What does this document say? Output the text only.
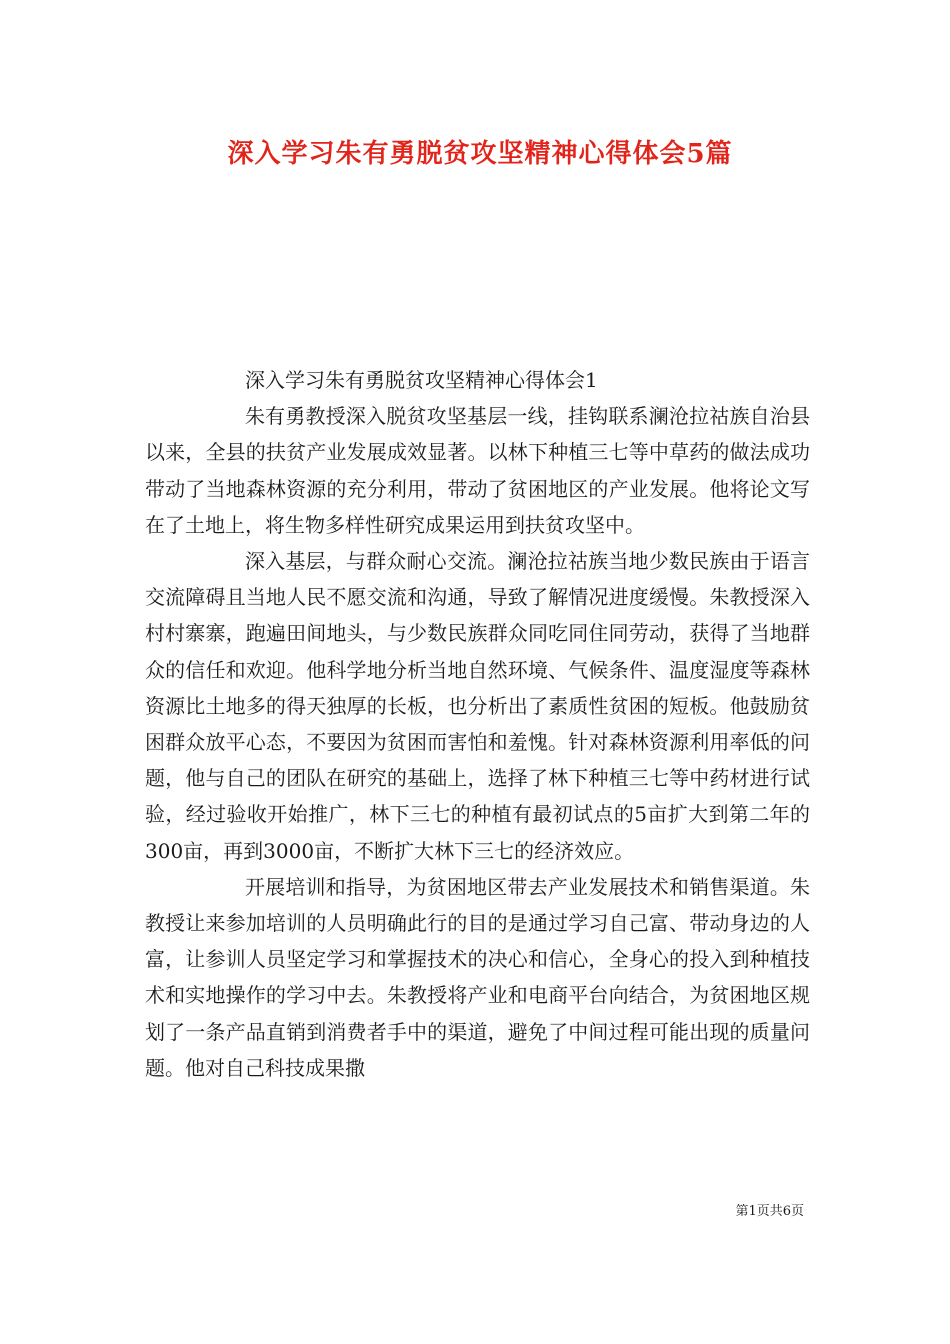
深入学习朱有勇脱贫攻坚精神心得体会5篇

深入学习朱有勇脱贫攻坚精神心得体会1

朱有勇教授深入脱贫攻坚基层一线，挂钩联系澜沧拉祜族自治县以来，全县的扶贫产业发展成效显著。以林下种植三七等中草药的做法成功带动了当地森林资源的充分利用，带动了贫困地区的产业发展。他将论文写在了土地上，将生物多样性研究成果运用到扶贫攻坚中。

深入基层，与群众耐心交流。澜沧拉祜族当地少数民族由于语言交流障碍且当地人民不愿交流和沟通，导致了解情况进度缓慢。朱教授深入村村寨寨，跑遍田间地头，与少数民族群众同吃同住同劳动，获得了当地群众的信任和欢迎。他科学地分析当地自然环境、气候条件、温度湿度等森林资源比土地多的得天独厚的长板，也分析出了素质性贫困的短板。他鼓励贫困群众放平心态，不要因为贫困而害怕和羞愧。针对森林资源利用率低的问题，他与自己的团队在研究的基础上，选择了林下种植三七等中药材进行试验，经过验收开始推广，林下三七的种植有最初试点的5亩扩大到第二年的300亩，再到3000亩，不断扩大林下三七的经济效应。

开展培训和指导，为贫困地区带去产业发展技术和销售渠道。朱教授让来参加培训的人员明确此行的目的是通过学习自己富、带动身边的人富，让参训人员坚定学习和掌握技术的决心和信心，全身心的投入到种植技术和实地操作的学习中去。朱教授将产业和电商平台向结合，为贫困地区规划了一条产品直销到消费者手中的渠道，避免了中间过程可能出现的质量问题。他对自己科技成果撒

第1页共6页
